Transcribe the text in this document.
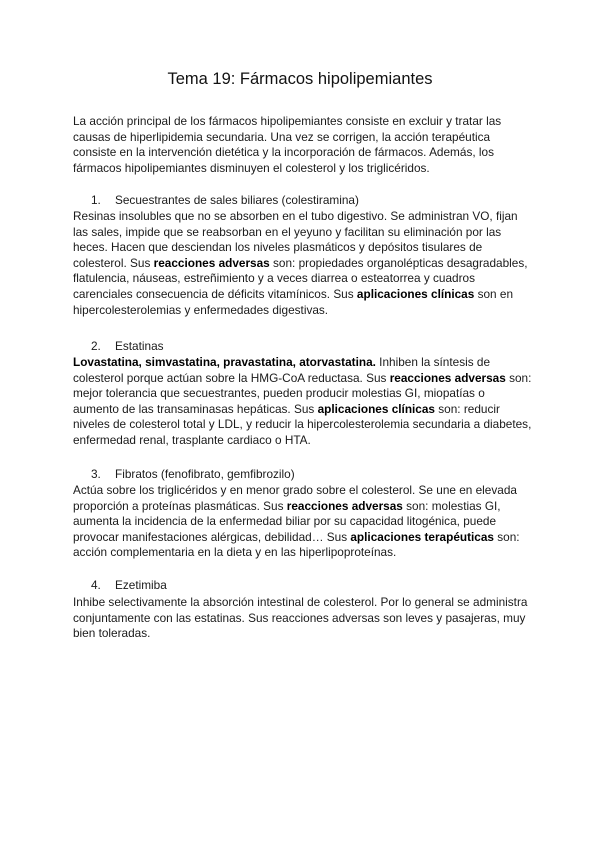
Tema 19: Fármacos hipolipemiantes

La acción principal de los fármacos hipolipemiantes consiste en excluir y tratar las causas de hiperlipidemia secundaria. Una vez se corrigen, la acción terapéutica consiste en la intervención dietética y la incorporación de fármacos. Además, los fármacos hipolipemiantes disminuyen el colesterol y los triglicéridos.

1. Secuestrantes de sales biliares (colestiramina)

Resinas insolubles que no se absorben en el tubo digestivo. Se administran VO, fijan las sales, impide que se reabsorban en el yeyuno y facilitan su eliminación por las heces. Hacen que desciendan los niveles plasmáticos y depósitos tisulares de colesterol. Sus reacciones adversas son: propiedades organolépticas desagradables, flatulencia, náuseas, estreñimiento y a veces diarrea o esteatorrea y cuadros carenciales consecuencia de déficits vitamínicos. Sus aplicaciones clínicas son en hipercolesterolemias y enfermedades digestivas.

2. Estatinas

Lovastatina, simvastatina, pravastatina, atorvastatina. Inhiben la síntesis de colesterol porque actúan sobre la HMG-CoA reductasa. Sus reacciones adversas son: mejor tolerancia que secuestrantes, pueden producir molestias GI, miopatías o aumento de las transaminasas hepáticas. Sus aplicaciones clínicas son: reducir niveles de colesterol total y LDL, y reducir la hipercolesterolemia secundaria a diabetes, enfermedad renal, trasplante cardiaco o HTA.

3. Fibratos (fenofibrato, gemfibrozilo)

Actúa sobre los triglicéridos y en menor grado sobre el colesterol. Se une en elevada proporción a proteínas plasmáticas. Sus reacciones adversas son: molestias GI, aumenta la incidencia de la enfermedad biliar por su capacidad litogénica, puede provocar manifestaciones alérgicas, debilidad… Sus aplicaciones terapéuticas son: acción complementaria en la dieta y en las hiperlipoproteínas.

4. Ezetimiba

Inhibe selectivamente la absorción intestinal de colesterol. Por lo general se administra conjuntamente con las estatinas. Sus reacciones adversas son leves y pasajeras, muy bien toleradas.
